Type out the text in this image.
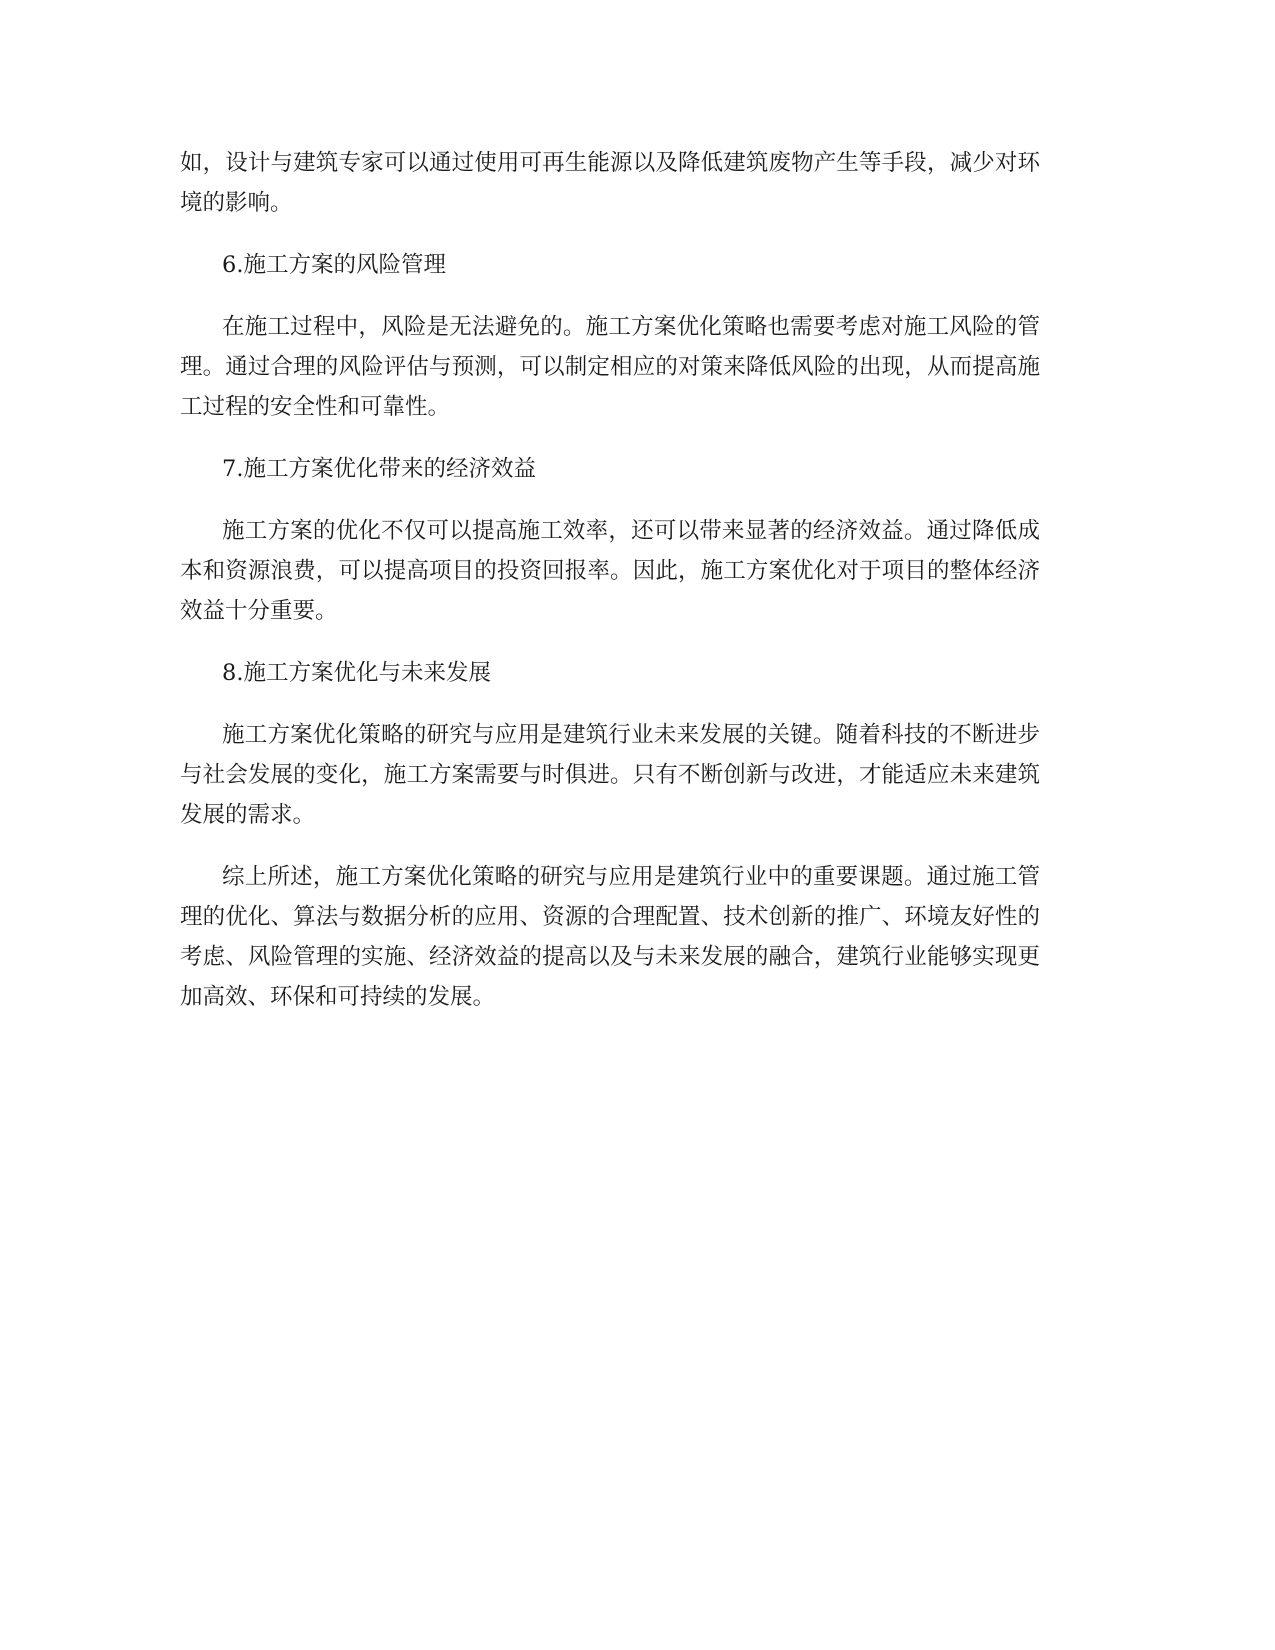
如，设计与建筑专家可以通过使用可再生能源以及降低建筑废物产生等手段，减少对环境的影响。

6.施工方案的风险管理

在施工过程中，风险是无法避免的。施工方案优化策略也需要考虑对施工风险的管理。通过合理的风险评估与预测，可以制定相应的对策来降低风险的出现，从而提高施工过程的安全性和可靠性。

7.施工方案优化带来的经济效益

施工方案的优化不仅可以提高施工效率，还可以带来显著的经济效益。通过降低成本和资源浪费，可以提高项目的投资回报率。因此，施工方案优化对于项目的整体经济效益十分重要。

8.施工方案优化与未来发展

施工方案优化策略的研究与应用是建筑行业未来发展的关键。随着科技的不断进步与社会发展的变化，施工方案需要与时俱进。只有不断创新与改进，才能适应未来建筑发展的需求。

综上所述，施工方案优化策略的研究与应用是建筑行业中的重要课题。通过施工管理的优化、算法与数据分析的应用、资源的合理配置、技术创新的推广、环境友好性的考虑、风险管理的实施、经济效益的提高以及与未来发展的融合，建筑行业能够实现更加高效、环保和可持续的发展。
